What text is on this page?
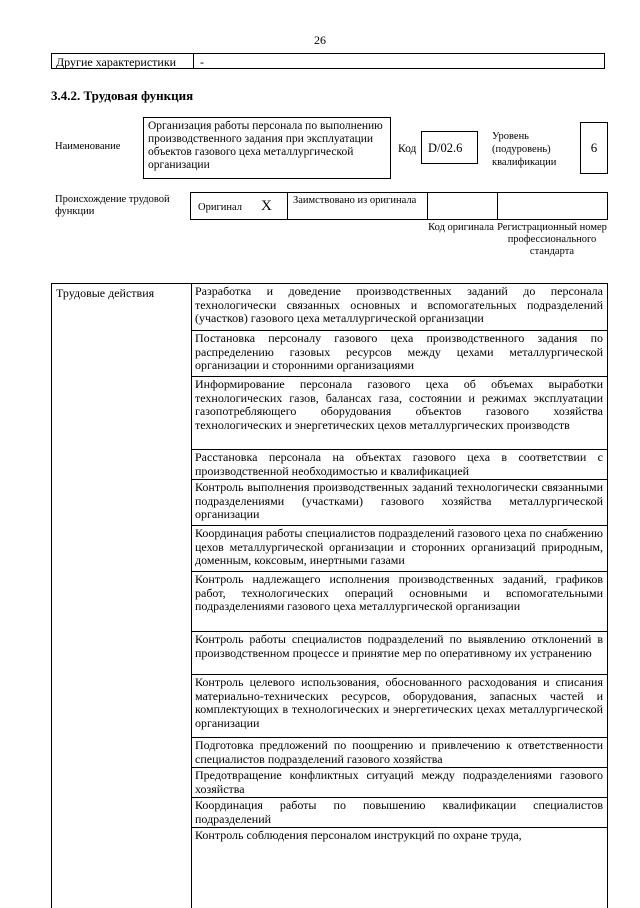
26
Другие характеристики -
3.4.2. Трудовая функция
Наименование
Организация работы персонала по выполнению производственного задания при эксплуатации объектов газового цеха металлургической организации
Код D/02.6
Уровень (подуровень) квалификации
6
Происхождение трудовой функции	Оригинал X Заимствовано из оригинала
Код оригинала Регистрационный номер профессионального стандарта
Трудовые действия	Разработка и доведение производственных заданий до персонала технологически связанных основных и вспомогательных подразделений (участков) газового цеха металлургической организации
Постановка персоналу газового цеха производственного задания по распределению газовых ресурсов между цехами металлургической организации и сторонними организациями
Информирование персонала газового цеха об объемах выработки технологических газов, балансах газа, состоянии и режимах эксплуатации газопотребляющего оборудования объектов газового хозяйства технологических и энергетических цехов металлургических производств
Расстановка персонала на объектах газового цеха в соответствии с производственной необходимостью и квалификацией
Контроль выполнения производственных заданий технологически связанными подразделениями (участками) газового хозяйства металлургической организации
Координация работы специалистов подразделений газового цеха по снабжению цехов металлургической организации и сторонних организаций природным, доменным, коксовым, инертными газами
Контроль надлежащего исполнения производственных заданий, графиков работ, технологических операций основными и вспомогательными подразделениями газового цеха металлургической организации
Контроль работы специалистов подразделений по выявлению отклонений в производственном процессе и принятие мер по оперативному их устранению
Контроль целевого использования, обоснованного расходования и списания материально-технических ресурсов, оборудования, запасных частей и комплектующих в технологических и энергетических цехах металлургической организации
Подготовка предложений по поощрению и привлечению к ответственности специалистов подразделений газового хозяйства
Предотвращение конфликтных ситуаций между подразделениями газового хозяйства
Координация работы по повышению квалификации специалистов подразделений
Контроль соблюдения персоналом инструкций по охране труда,
